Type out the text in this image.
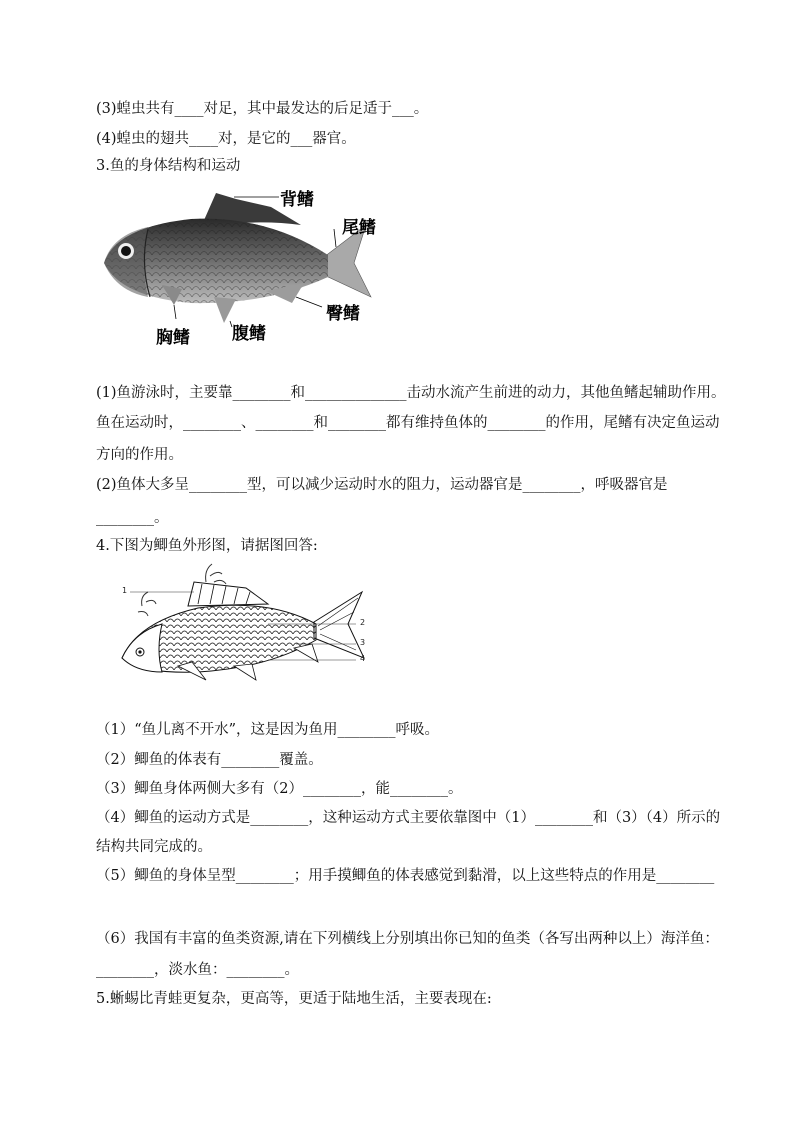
(3)蝗虫共有____对足，其中最发达的后足适于___。
(4)蝗虫的翅共____对，是它的___器官。
3.鱼的身体结构和运动
背鳍
尾鳍
臀鳍
腹鳍
胸鳍
(1)鱼游泳时，主要靠________和______________击动水流产生前进的动力，其他鱼鳍起辅助作用。
鱼在运动时，________、________和________都有维持鱼体的________的作用，尾鳍有决定鱼运动
方向的作用。
(2)鱼体大多呈________型，可以减少运动时水的阻力，运动器官是________，呼吸器官是
________。
4.下图为鲫鱼外形图，请据图回答:
1
2
3
4
（1）“鱼儿离不开水”，这是因为鱼用________呼吸。
（2）鲫鱼的体表有________覆盖。
（3）鲫鱼身体两侧大多有（2）________，能________。
（4）鲫鱼的运动方式是________，这种运动方式主要依靠图中（1）________和（3）（4）所示的
结构共同完成的。
（5）鲫鱼的身体呈型________；用手摸鲫鱼的体表感觉到黏滑，以上这些特点的作用是________
（6）我国有丰富的鱼类资源,请在下列横线上分别填出你已知的鱼类（各写出两种以上）海洋鱼：
________，淡水鱼：________。
5.蜥蜴比青蛙更复杂，更高等，更适于陆地生活，主要表现在:
